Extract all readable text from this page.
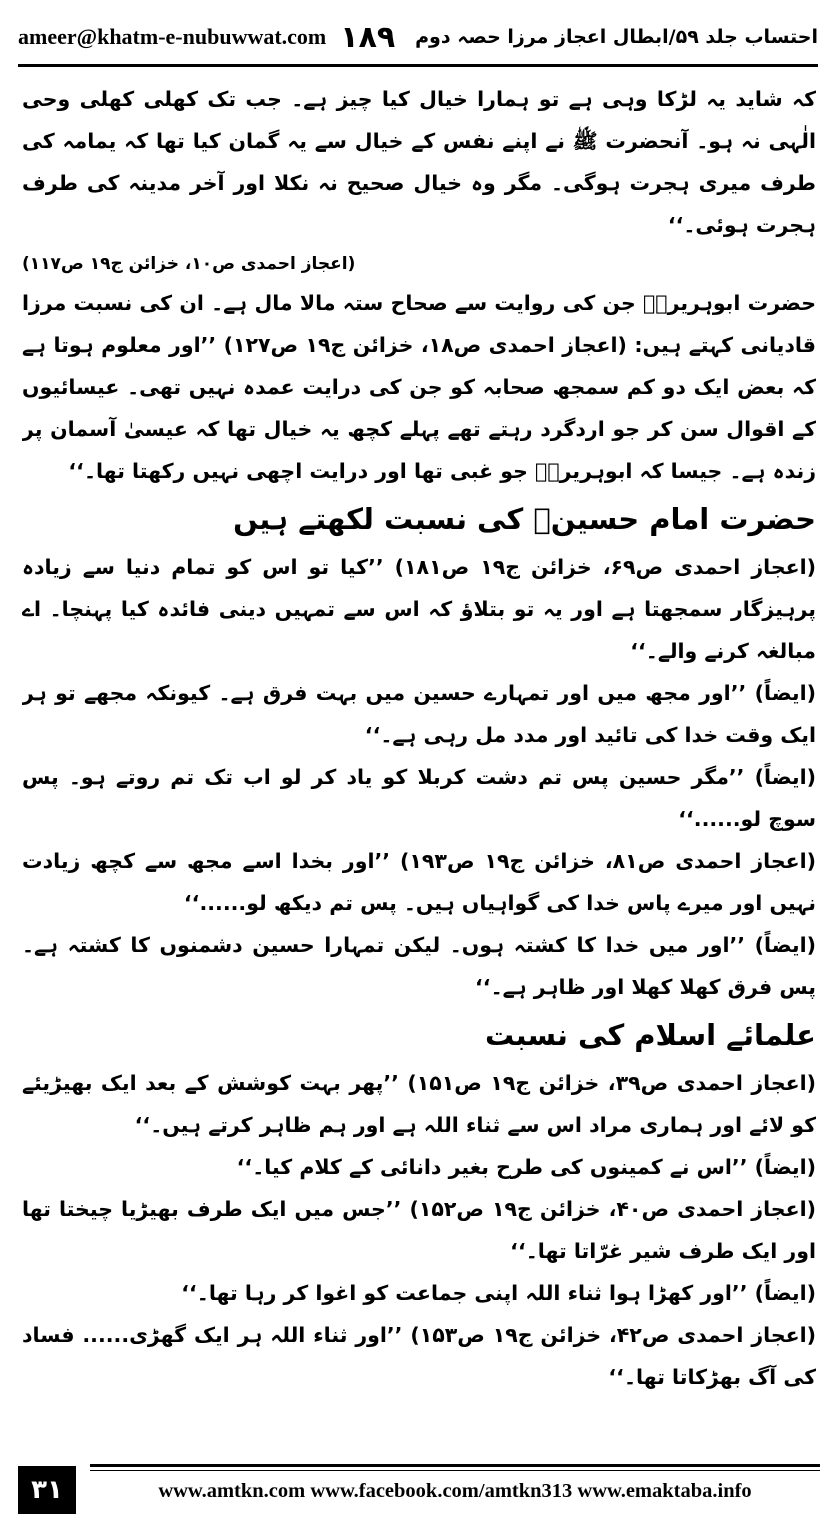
ameer@khatm-e-nubuwwat.com ۱۸۹ احتساب جلد ۵۹/ابطال اعجاز مرزا حصہ دوم

کہ شاید یہ لڑکا وہی ہے تو ہمارا خیال کیا چیز ہے۔ جب تک کھلی کھلی وحی الٰہی نہ ہو۔ آنحضرت ﷺ نے اپنے نفس کے خیال سے یہ گمان کیا تھا کہ یمامہ کی طرف میری ہجرت ہوگی۔ مگر وہ خیال صحیح نہ نکلا اور آخر مدینہ کی طرف ہجرت ہوئی۔‘‘
(اعجاز احمدی ص۱۰، خزائن ج۱۹ ص۱۱۷)

حضرت ابوہریرہؓ جن کی روایت سے صحاح ستہ مالا مال ہے۔ ان کی نسبت مرزا قادیانی کہتے ہیں: (اعجاز احمدی ص۱۸، خزائن ج۱۹ ص۱۲۷) ’’اور معلوم ہوتا ہے کہ بعض ایک دو کم سمجھ صحابہ کو جن کی درایت عمدہ نہیں تھی۔ عیسائیوں کے اقوال سن کر جو اردگرد رہتے تھے پہلے کچھ یہ خیال تھا کہ عیسیٰ آسمان پر زندہ ہے۔ جیسا کہ ابوہریرہؓ جو غبی تھا اور درایت اچھی نہیں رکھتا تھا۔‘‘

حضرت امام حسینؓ کی نسبت لکھتے ہیں

(اعجاز احمدی ص۶۹، خزائن ج۱۹ ص۱۸۱) ’’کیا تو اس کو تمام دنیا سے زیادہ پرہیزگار سمجھتا ہے اور یہ تو بتلاؤ کہ اس سے تمہیں دینی فائدہ کیا پہنچا۔ اے مبالغہ کرنے والے۔‘‘

(ایضاً) ’’اور مجھ میں اور تمہارے حسین میں بہت فرق ہے۔ کیونکہ مجھے تو ہر ایک وقت خدا کی تائید اور مدد مل رہی ہے۔‘‘

(ایضاً) ’’مگر حسین پس تم دشت کربلا کو یاد کر لو اب تک تم روتے ہو۔ پس سوچ لو......‘‘

(اعجاز احمدی ص۸۱، خزائن ج۱۹ ص۱۹۳) ’’اور بخدا اسے مجھ سے کچھ زیادت نہیں اور میرے پاس خدا کی گواہیاں ہیں۔ پس تم دیکھ لو......‘‘

(ایضاً) ’’اور میں خدا کا کشتہ ہوں۔ لیکن تمہارا حسین دشمنوں کا کشتہ ہے۔ پس فرق کھلا کھلا اور ظاہر ہے۔‘‘

علمائے اسلام کی نسبت

(اعجاز احمدی ص۳۹، خزائن ج۱۹ ص۱۵۱) ’’پھر بہت کوشش کے بعد ایک بھیڑیئے کو لائے اور ہماری مراد اس سے ثناء اللہ ہے اور ہم ظاہر کرتے ہیں۔‘‘

(ایضاً) ’’اس نے کمینوں کی طرح بغیر دانائی کے کلام کیا۔‘‘

(اعجاز احمدی ص۴۰، خزائن ج۱۹ ص۱۵۲) ’’جس میں ایک طرف بھیڑیا چیختا تھا اور ایک طرف شیر غرّاتا تھا۔‘‘

(ایضاً) ’’اور کھڑا ہوا ثناء اللہ اپنی جماعت کو اغوا کر رہا تھا۔‘‘

(اعجاز احمدی ص۴۲، خزائن ج۱۹ ص۱۵۳) ’’اور ثناء اللہ ہر ایک گھڑی...... فساد کی آگ بھڑکاتا تھا۔‘‘

۳۱	www.amtkn.com www.facebook.com/amtkn313 www.emaktaba.info
